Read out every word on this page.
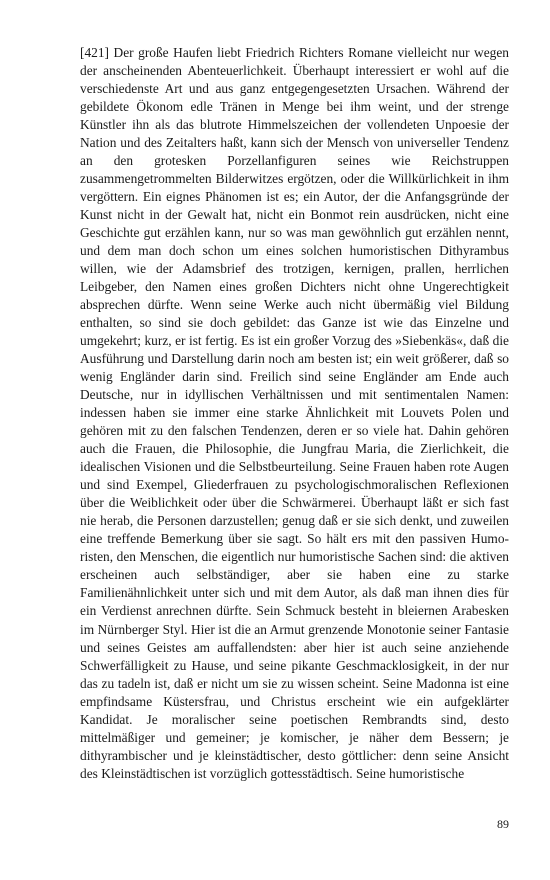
[421] Der große Haufen liebt Friedrich Richters Romane vielleicht nur wegen der anscheinenden Abenteuerlichkeit. Überhaupt interessiert er wohl auf die verschiedenste Art und aus ganz entgegengesetzten Ursachen. Während der gebildete Ökonom edle Tränen in Menge bei ihm weint, und der strenge Künstler ihn als das blutrote Himmelszeichen der vollendeten Unpoesie der Nation und des Zeitalters haßt, kann sich der Mensch von universeller Tendenz an den grotesken Porzellanfiguren seines wie Reichstruppen zusammengetrommelten Bilderwitzes ergötzen, oder die Willkürlichkeit in ihm vergöttern. Ein eignes Phänomen ist es; ein Autor, der die Anfangsgründe der Kunst nicht in der Gewalt hat, nicht ein Bonmot rein ausdrücken, nicht eine Geschichte gut erzählen kann, nur so was man gewöhnlich gut erzählen nennt, und dem man doch schon um eines solchen humoristischen Dithyrambus willen, wie der Adamsbrief des trotzigen, kernigen, prallen, herrlichen Leibgeber, den Namen eines großen Dichters nicht ohne Ungerechtigkeit absprechen dürfte. Wenn seine Werke auch nicht übermäßig viel Bildung enthalten, so sind sie doch gebildet: das Ganze ist wie das Einzelne und umgekehrt; kurz, er ist fertig. Es ist ein großer Vorzug des »Siebenkäs«, daß die Ausführung und Darstellung darin noch am besten ist; ein weit größerer, daß so wenig Engländer darin sind. Freilich sind seine Engländer am Ende auch Deutsche, nur in idyllischen Verhältnissen und mit sentimentalen Namen: indessen haben sie immer eine starke Ähnlichkeit mit Louvets Polen und gehören mit zu den falschen Tendenzen, deren er so viele hat. Dahin gehören auch die Frauen, die Philosophie, die Jungfrau Maria, die Zierlichkeit, die idealischen Visionen und die Selbstbeurteilung. Seine Frauen haben rote Augen und sind Exempel, Gliederfrauen zu psychologischmoralischen Reflexionen über die Weiblichkeit oder über die Schwärmerei. Überhaupt läßt er sich fast nie herab, die Personen darzustellen; genug daß er sie sich denkt, und zuweilen eine treffende Bemerkung über sie sagt. So hält ers mit den passiven Humoristen, den Menschen, die eigentlich nur humoristische Sachen sind: die aktiven erscheinen auch selbständiger, aber sie haben eine zu starke Familienähnlichkeit unter sich und mit dem Autor, als daß man ihnen dies für ein Verdienst anrechnen dürfte. Sein Schmuck besteht in bleiernen Arabesken im Nürnberger Styl. Hier ist die an Armut grenzende Monotonie seiner Fantasie und seines Geistes am auffallendsten: aber hier ist auch seine anziehende Schwerfälligkeit zu Hause, und seine pikante Geschmacklosigkeit, in der nur das zu tadeln ist, daß er nicht um sie zu wissen scheint. Seine Madonna ist eine empfindsame Küstersfrau, und Christus erscheint wie ein aufgeklärter Kandidat. Je moralischer seine poetischen Rembrandts sind, desto mittelmäßiger und gemeiner; je komischer, je näher dem Bessern; je dithyrambischer und je kleinstädtischer, desto göttlicher: denn seine Ansicht des Kleinstädtischen ist vorzüglich gottesstädtisch. Seine humoristische

89
